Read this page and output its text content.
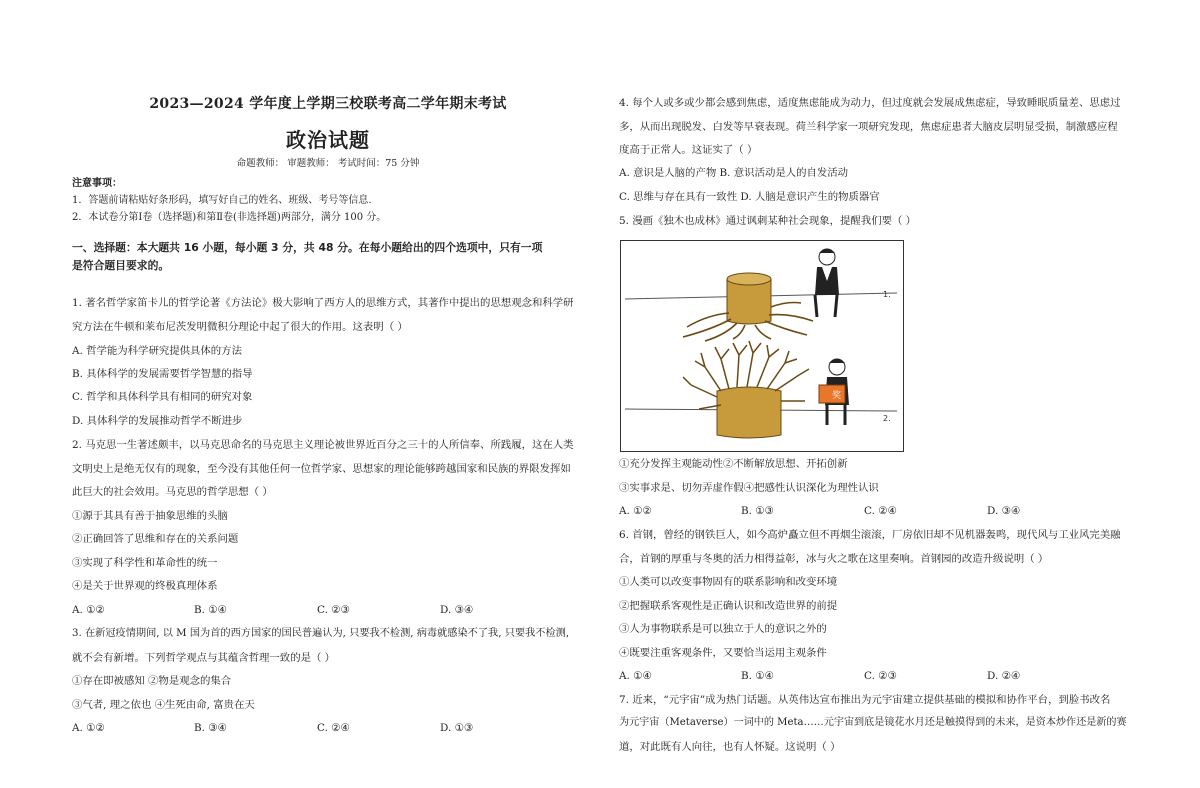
2023—2024 学年度上学期三校联考高二学年期末考试
政治试题
命题教师： 审题教师： 考试时间：75 分钟
注意事项：
1．答题前请粘贴好条形码，填写好自己的姓名、班级、考号等信息.
2．本试卷分第Ⅰ卷（选择题)和第Ⅱ卷(非选择题)两部分，满分 100 分。
一、选择题：本大题共 16 小题，每小题 3 分，共 48 分。在每小题给出的四个选项中，只有一项
是符合题目要求的。
1. 著名哲学家笛卡儿的哲学论著《方法论》极大影响了西方人的思维方式，其著作中提出的思想观念和科学研
究方法在牛顿和莱布尼茨发明微积分理论中起了很大的作用。这表明（ ）
A. 哲学能为科学研究提供具体的方法
B. 具体科学的发展需要哲学智慧的指导
C. 哲学和具体科学具有相同的研究对象
D. 具体科学的发展推动哲学不断进步
2. 马克思一生著述颇丰，以马克思命名的马克思主义理论被世界近百分之三十的人所信奉、所践履，这在人类
文明史上是绝无仅有的现象，至今没有其他任何一位哲学家、思想家的理论能够跨越国家和民族的界限发挥如
此巨大的社会效用。马克思的哲学思想（ ）
①源于其具有善于抽象思维的头脑
②正确回答了思维和存在的关系问题
③实现了科学性和革命性的统一
④是关于世界观的终极真理体系
A. ①②	B. ①④	C. ②③	D. ③④
3. 在新冠疫情期间, 以 M 国为首的西方国家的国民普遍认为, 只要我不检测, 病毒就感染不了我, 只要我不检测,
就不会有新增。下列哲学观点与其蕴含哲理一致的是（ ）
①存在即被感知 ②物是观念的集合
③气者, 理之依也 ④生死由命, 富贵在天
A. ①②	B. ③④	C. ②④	D. ①③
4. 每个人或多或少都会感到焦虑，适度焦虑能成为动力，但过度就会发展成焦虑症，导致睡眠质量差、思虑过
多，从而出现脱发、白发等早衰表现。荷兰科学家一项研究发现，焦虑症患者大脑皮层明显受损，制激感应程
度高于正常人。这证实了（ ）
A. 意识是人脑的产物 B. 意识活动是人的自发活动
C. 思维与存在具有一致性 D. 人脑是意识产生的物质器官
5. 漫画《独木也成林》通过讽刺某种社会现象，提醒我们要（ ）
①充分发挥主观能动性②不断解放思想、开拓创新
③实事求是、切勿弄虚作假④把感性认识深化为理性认识
A. ①②	B. ①③	C. ②④	D. ③④
6. 首钢，曾经的钢铁巨人，如今高炉矗立但不再烟尘滚滚，厂房依旧却不见机器轰鸣，现代风与工业风完美融
合，首钢的厚重与冬奥的活力相得益彰，冰与火之歌在这里奏响。首钢园的改造升级说明（ ）
①人类可以改变事物固有的联系影响和改变环境
②把握联系客观性是正确认识和改造世界的前提
③人为事物联系是可以独立于人的意识之外的
④既要注重客观条件，又要恰当运用主观条件
A. ①④	B. ①④	C. ②③	D. ②④
7. 近来，“元宇宙”成为热门话题。从英伟达宣布推出为元宇宙建立提供基础的模拟和协作平台，到脸书改名
为元宇宙（Metaverse）一词中的 Meta……元宇宙到底是镜花水月还是触摸得到的未来，是资本炒作还是新的赛
道，对此既有人向往，也有人怀疑。这说明（ ）
1.
奖
2.
